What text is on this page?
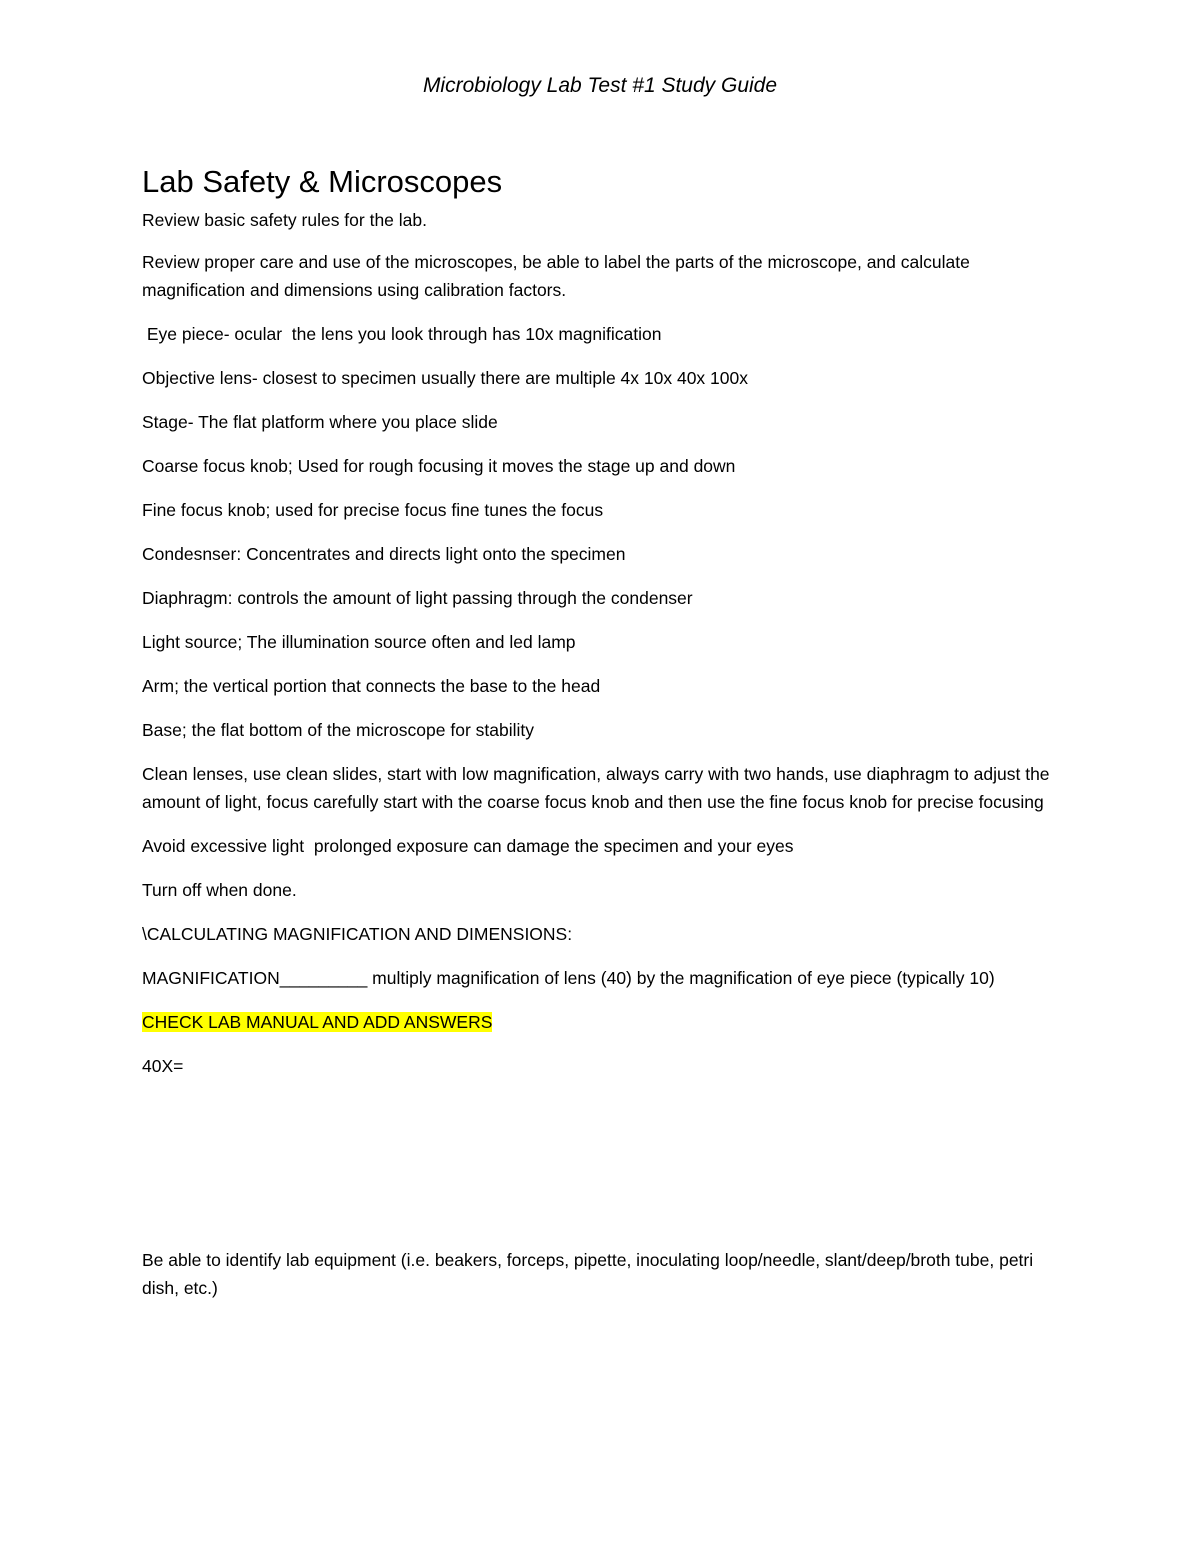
Microbiology Lab Test #1 Study Guide
Lab Safety & Microscopes

Review basic safety rules for the lab.

Review proper care and use of the microscopes, be able to label the parts of the microscope, and calculate magnification and dimensions using calibration factors.

Eye piece- ocular  the lens you look through has 10x magnification

Objective lens- closest to specimen usually there are multiple 4x 10x 40x 100x

Stage- The flat platform where you place slide

Coarse focus knob; Used for rough focusing it moves the stage up and down

Fine focus knob; used for precise focus fine tunes the focus

Condesnser: Concentrates and directs light onto the specimen

Diaphragm: controls the amount of light passing through the condenser

Light source; The illumination source often and led lamp

Arm; the vertical portion that connects the base to the head

Base; the flat bottom of the microscope for stability

Clean lenses, use clean slides, start with low magnification, always carry with two hands, use diaphragm to adjust the amount of light, focus carefully start with the coarse focus knob and then use the fine focus knob for precise focusing

Avoid excessive light  prolonged exposure can damage the specimen and your eyes

Turn off when done.

\CALCULATING MAGNIFICATION AND DIMENSIONS:

MAGNIFICATION_________ multiply magnification of lens (40) by the magnification of eye piece (typically 10)

CHECK LAB MANUAL AND ADD ANSWERS

40X=

Be able to identify lab equipment (i.e. beakers, forceps, pipette, inoculating loop/needle, slant/deep/broth tube, petri dish, etc.)
